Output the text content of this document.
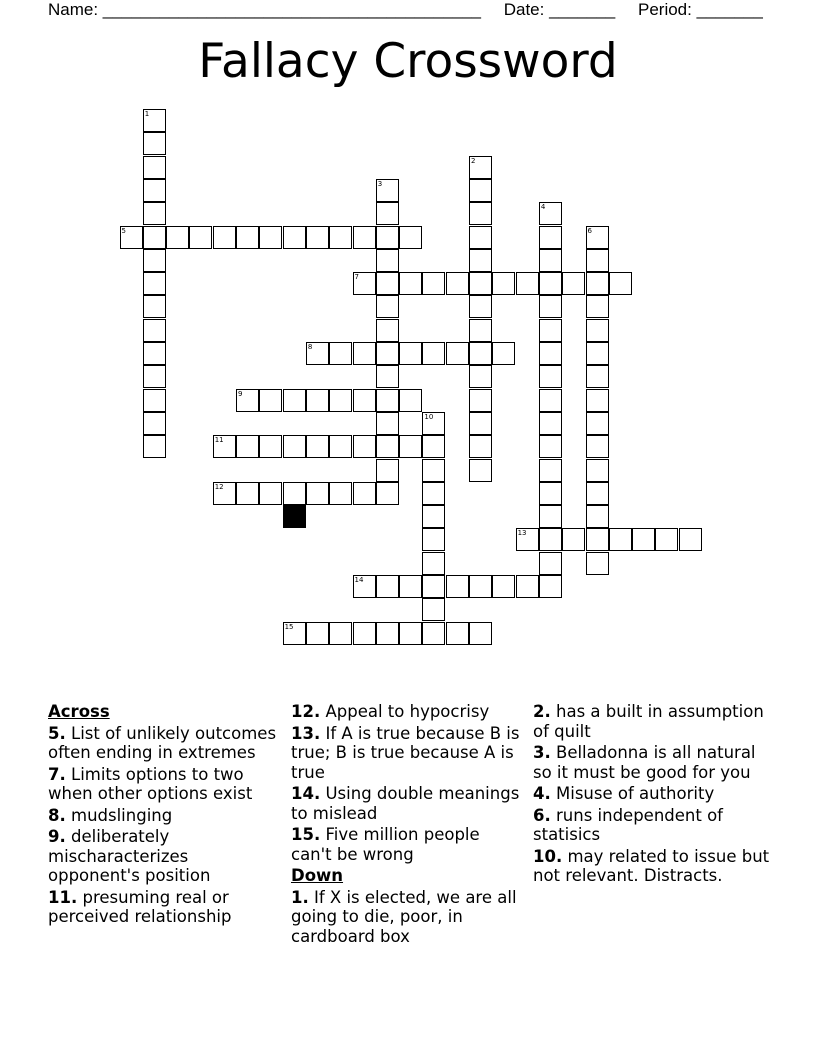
Name: ________________________________________ Date: _______ Period: _______
Fallacy Crossword
1
2
3
4
5	6
7
8
9
10
11
12
13
14
15
Across
5. List of unlikely outcomes often ending in extremes
7. Limits options to two when other options exist
8. mudslinging
9. deliberately mischaracterizes opponent's position
11. presuming real or perceived relationship
12. Appeal to hypocrisy
13. If A is true because B is true; B is true because A is true
14. Using double meanings to mislead
15. Five million people can't be wrong
Down
1. If X is elected, we are all going to die, poor, in cardboard box
2. has a built in assumption of quilt
3. Belladonna is all natural so it must be good for you
4. Misuse of authority
6. runs independent of statisics
10. may related to issue but not relevant. Distracts.
